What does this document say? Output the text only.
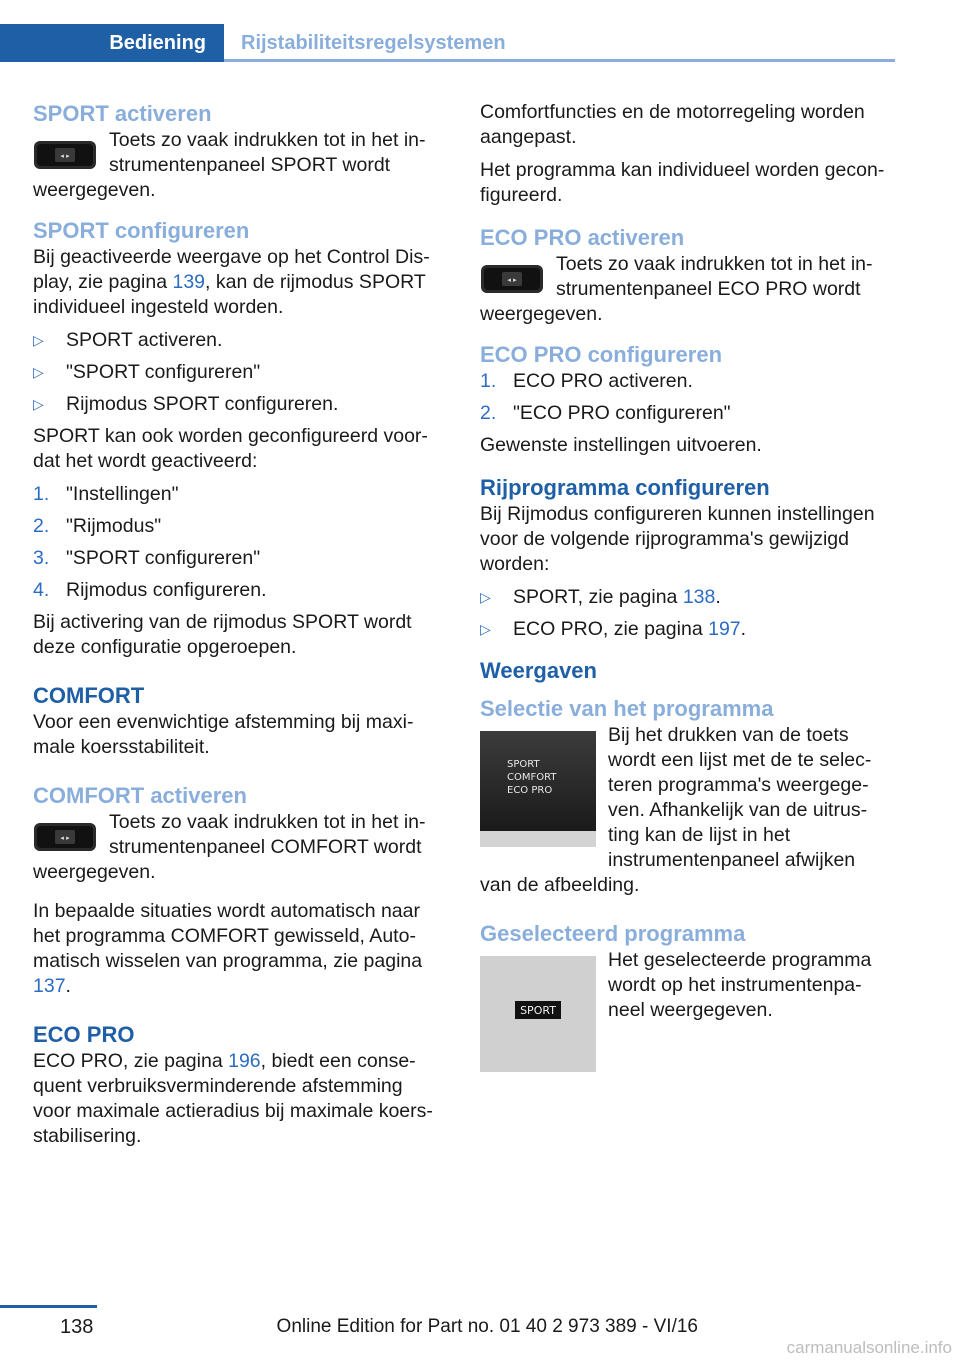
Bediening	Rijstabiliteitsregelsystemen
SPORT activeren
◂ ▸

Toets zo vaak indrukken tot in het instrumentenpaneel SPORT wordt weergegeven.

SPORT configureren

Bij geactiveerde weergave op het Control Display, zie pagina 139, kan de rijmodus SPORT individueel ingesteld worden.

▷ SPORT activeren.
▷ "SPORT configureren"
▷ Rijmodus SPORT configureren.

SPORT kan ook worden geconfigureerd voordat het wordt geactiveerd:

1. "Instellingen"
2. "Rijmodus"
3. "SPORT configureren"
4. Rijmodus configureren.

Bij activering van de rijmodus SPORT wordt deze configuratie opgeroepen.

COMFORT

Voor een evenwichtige afstemming bij maximale koersstabiliteit.

COMFORT activeren
◂ ▸

Toets zo vaak indrukken tot in het instrumentenpaneel COMFORT wordt weergegeven.

In bepaalde situaties wordt automatisch naar het programma COMFORT gewisseld, Automatisch wisselen van programma, zie pagina 137.

ECO PRO

ECO PRO, zie pagina 196, biedt een consequent verbruiksverminderende afstemming voor maximale actieradius bij maximale koersstabilisering.

Comfortfuncties en de motorregeling worden aangepast.

Het programma kan individueel worden geconfigureerd.

ECO PRO activeren
◂ ▸

Toets zo vaak indrukken tot in het instrumentenpaneel ECO PRO wordt weergegeven.

ECO PRO configureren
1. ECO PRO activeren.
2. "ECO PRO configureren"

Gewenste instellingen uitvoeren.

Rijprogramma configureren

Bij Rijmodus configureren kunnen instellingen voor de volgende rijprogramma's gewijzigd worden:

▷ SPORT, zie pagina 138.
▷ ECO PRO, zie pagina 197.
Weergaven
Selectie van het programma
SPORT
COMFORT
ECO PRO

Bij het drukken van de toets wordt een lijst met de te selecteren programma's weergegeven. Afhankelijk van de uitrusting kan de lijst in het instrumentenpaneel afwijken van de afbeelding.

Geselecteerd programma
SPORT

Het geselecteerde programma wordt op het instrumentenpaneel weergegeven.

138	Online Edition for Part no. 01 40 2 973 389 - VI/16
carmanualsonline.info
